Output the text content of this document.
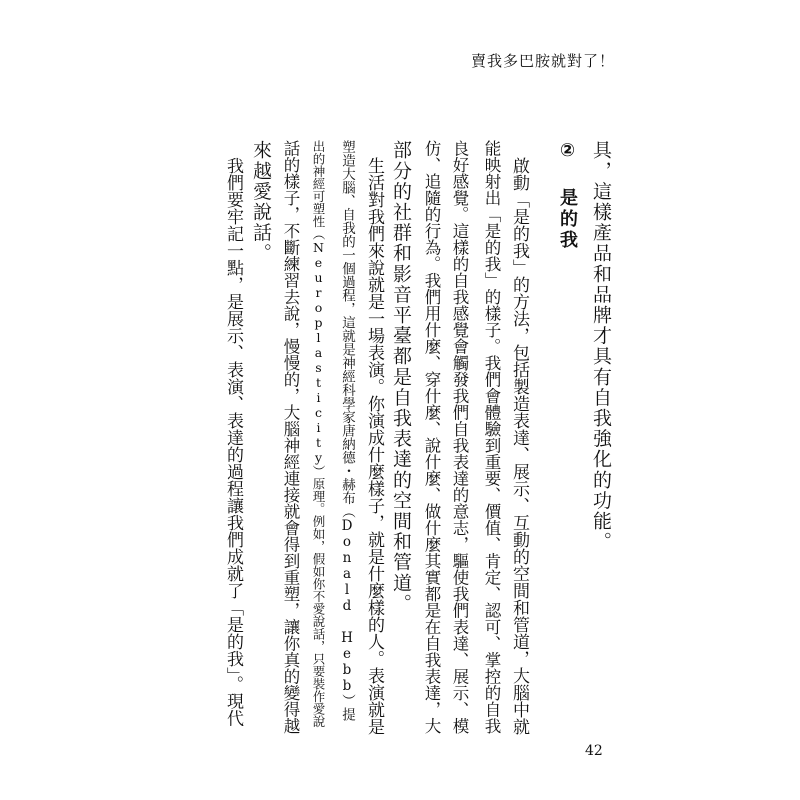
賣我多巴胺就對了！
具，這樣產品和品牌才具有自我強化的功能。
② 是的我
　啟動「是的我」的方法，包括製造表達、展示、互動的空間和管道，大腦中就
能映射出「是的我」的樣子。我們會體驗到重要、價值、肯定、認可、掌控的自我
良好感覺。這樣的自我感覺會觸發我們自我表達的意志，驅使我們表達、展示、模
仿、追隨的行為。我們用什麼、穿什麼、說什麼、做什麼其實都是在自我表達，大
部分的社群和影音平臺都是自我表達的空間和管道。
　生活對我們來說就是一場表演。你演成什麼樣子，就是什麼樣的人。表演就是
塑造大腦、自我的一個過程，這就是神經科學家唐納德・赫布（Donald Hebb）提
出的神經可塑性（Neuroplasticity）原理。例如，假如你不愛說話，只要裝作愛說
話的樣子，不斷練習去說，慢慢的，大腦神經連接就會得到重塑，讓你真的變得越
來越愛說話。
　我們要牢記一點，是展示、表演、表達的過程讓我們成就了「是的我」。現代
42
